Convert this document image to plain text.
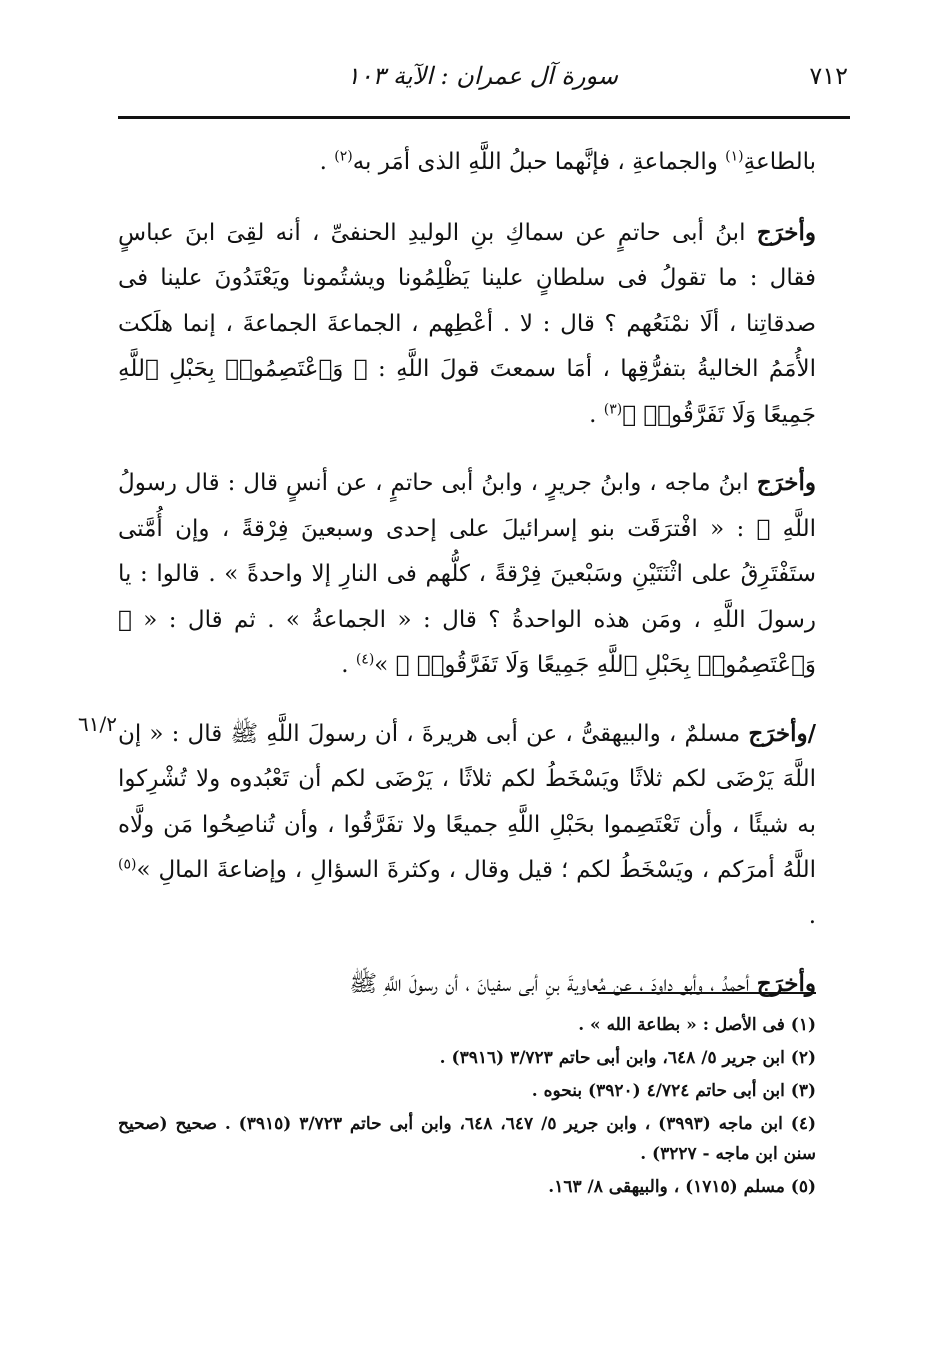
٧١٢
سورة آل عمران : الآية ١٠٣
٦١/٢

بالطاعةِ$^{(١)}$ والجماعةِ ، فإنَّهما حبلُ اللَّهِ الذى أمَر به$^{(٢)}$ .

وأخرَج ابنُ أبى حاتمٍ عن سماكِ بنِ الوليدِ الحنفىِّ ، أنه لقِىَ ابنَ عباسٍ فقال : ما تقولُ فى سلطانٍ علينا يَظْلِمُونا ويشتُمونا ويَعْتَدُونَ علينا فى صدقاتِنا ، ألَا نمْنَعُهم ؟ قال : لا . أعْطِهم ، الجماعةَ الجماعةَ ، إنما هلَكت الأُمَمُ الخاليةُ بتفرُّقِها ، أمَا سمعتَ قولَ اللَّهِ : ﴿ وَٱعْتَصِمُوا۟ بِحَبْلِ ٱللَّهِ جَمِيعًا وَلَا تَفَرَّقُوا۟ ﴾$^{(٣)}$ .

وأخرَج ابنُ ماجه ، وابنُ جريرٍ ، وابنُ أبى حاتمٍ ، عن أنسٍ قال : قال رسولُ اللَّهِ ﷺ : « افْترَقَت بنو إسرائيلَ على إحدى وسبعينَ فِرْقةً ، وإن أُمَّتى ستَفْتَرِقُ على اثْنَتَيْنِ وسَبْعينَ فِرْقةً ، كلُّهم فى النارِ إلا واحدةً » . قالوا : يا رسولَ اللَّهِ ، ومَن هذه الواحدةُ ؟ قال : « الجماعةُ » . ثم قال : « ﴿ وَٱعْتَصِمُوا۟ بِحَبْلِ ٱللَّهِ جَمِيعًا وَلَا تَفَرَّقُوا۟ ﴾ »$^{(٤)}$ .

/وأخرَج مسلمٌ ، والبيهقىُّ ، عن أبى هريرةَ ، أن رسولَ اللَّهِ ﷺ قال : « إن اللَّهَ يَرْضَى لكم ثلاثًا ويَسْخَطُ لكم ثلاثًا ، يَرْضَى لكم أن تَعْبُدوه ولا تُشْرِكوا به شيئًا ، وأن تَعْتَصِموا بحَبْلِ اللَّهِ جميعًا ولا تفَرَّقُوا ، وأن تُناصِحُوا مَن ولَّاه اللَّهُ أمرَكم ، ويَسْخَطُ لكم ؛ قيل وقال ، وكثرةَ السؤالِ ، وإضاعةَ المالِ »$^{(٥)}$ .

وأخرَج أحمدُ ، وأبو داودَ ، عن مُعاويةَ بنِ أبى سفيانَ ، أن رسولَ اللَّهِ ﷺ

(١) فى الأصل : « بطاعة الله » .

(٢) ابن جرير ٥/ ٦٤٨، وابن أبى حاتم ٣/٧٢٣ (٣٩١٦) .

(٣) ابن أبى حاتم ٤/٧٢٤ (٣٩٢٠) بنحوه .

(٤) ابن ماجه (٣٩٩٣) ، وابن جرير ٥/ ٦٤٧، ٦٤٨، وابن أبى حاتم ٣/٧٢٣ (٣٩١٥) . صحيح (صحيح سنن ابن ماجه - ٣٢٢٧) .

(٥) مسلم (١٧١٥) ، والبيهقى ٨/ ١٦٣.
